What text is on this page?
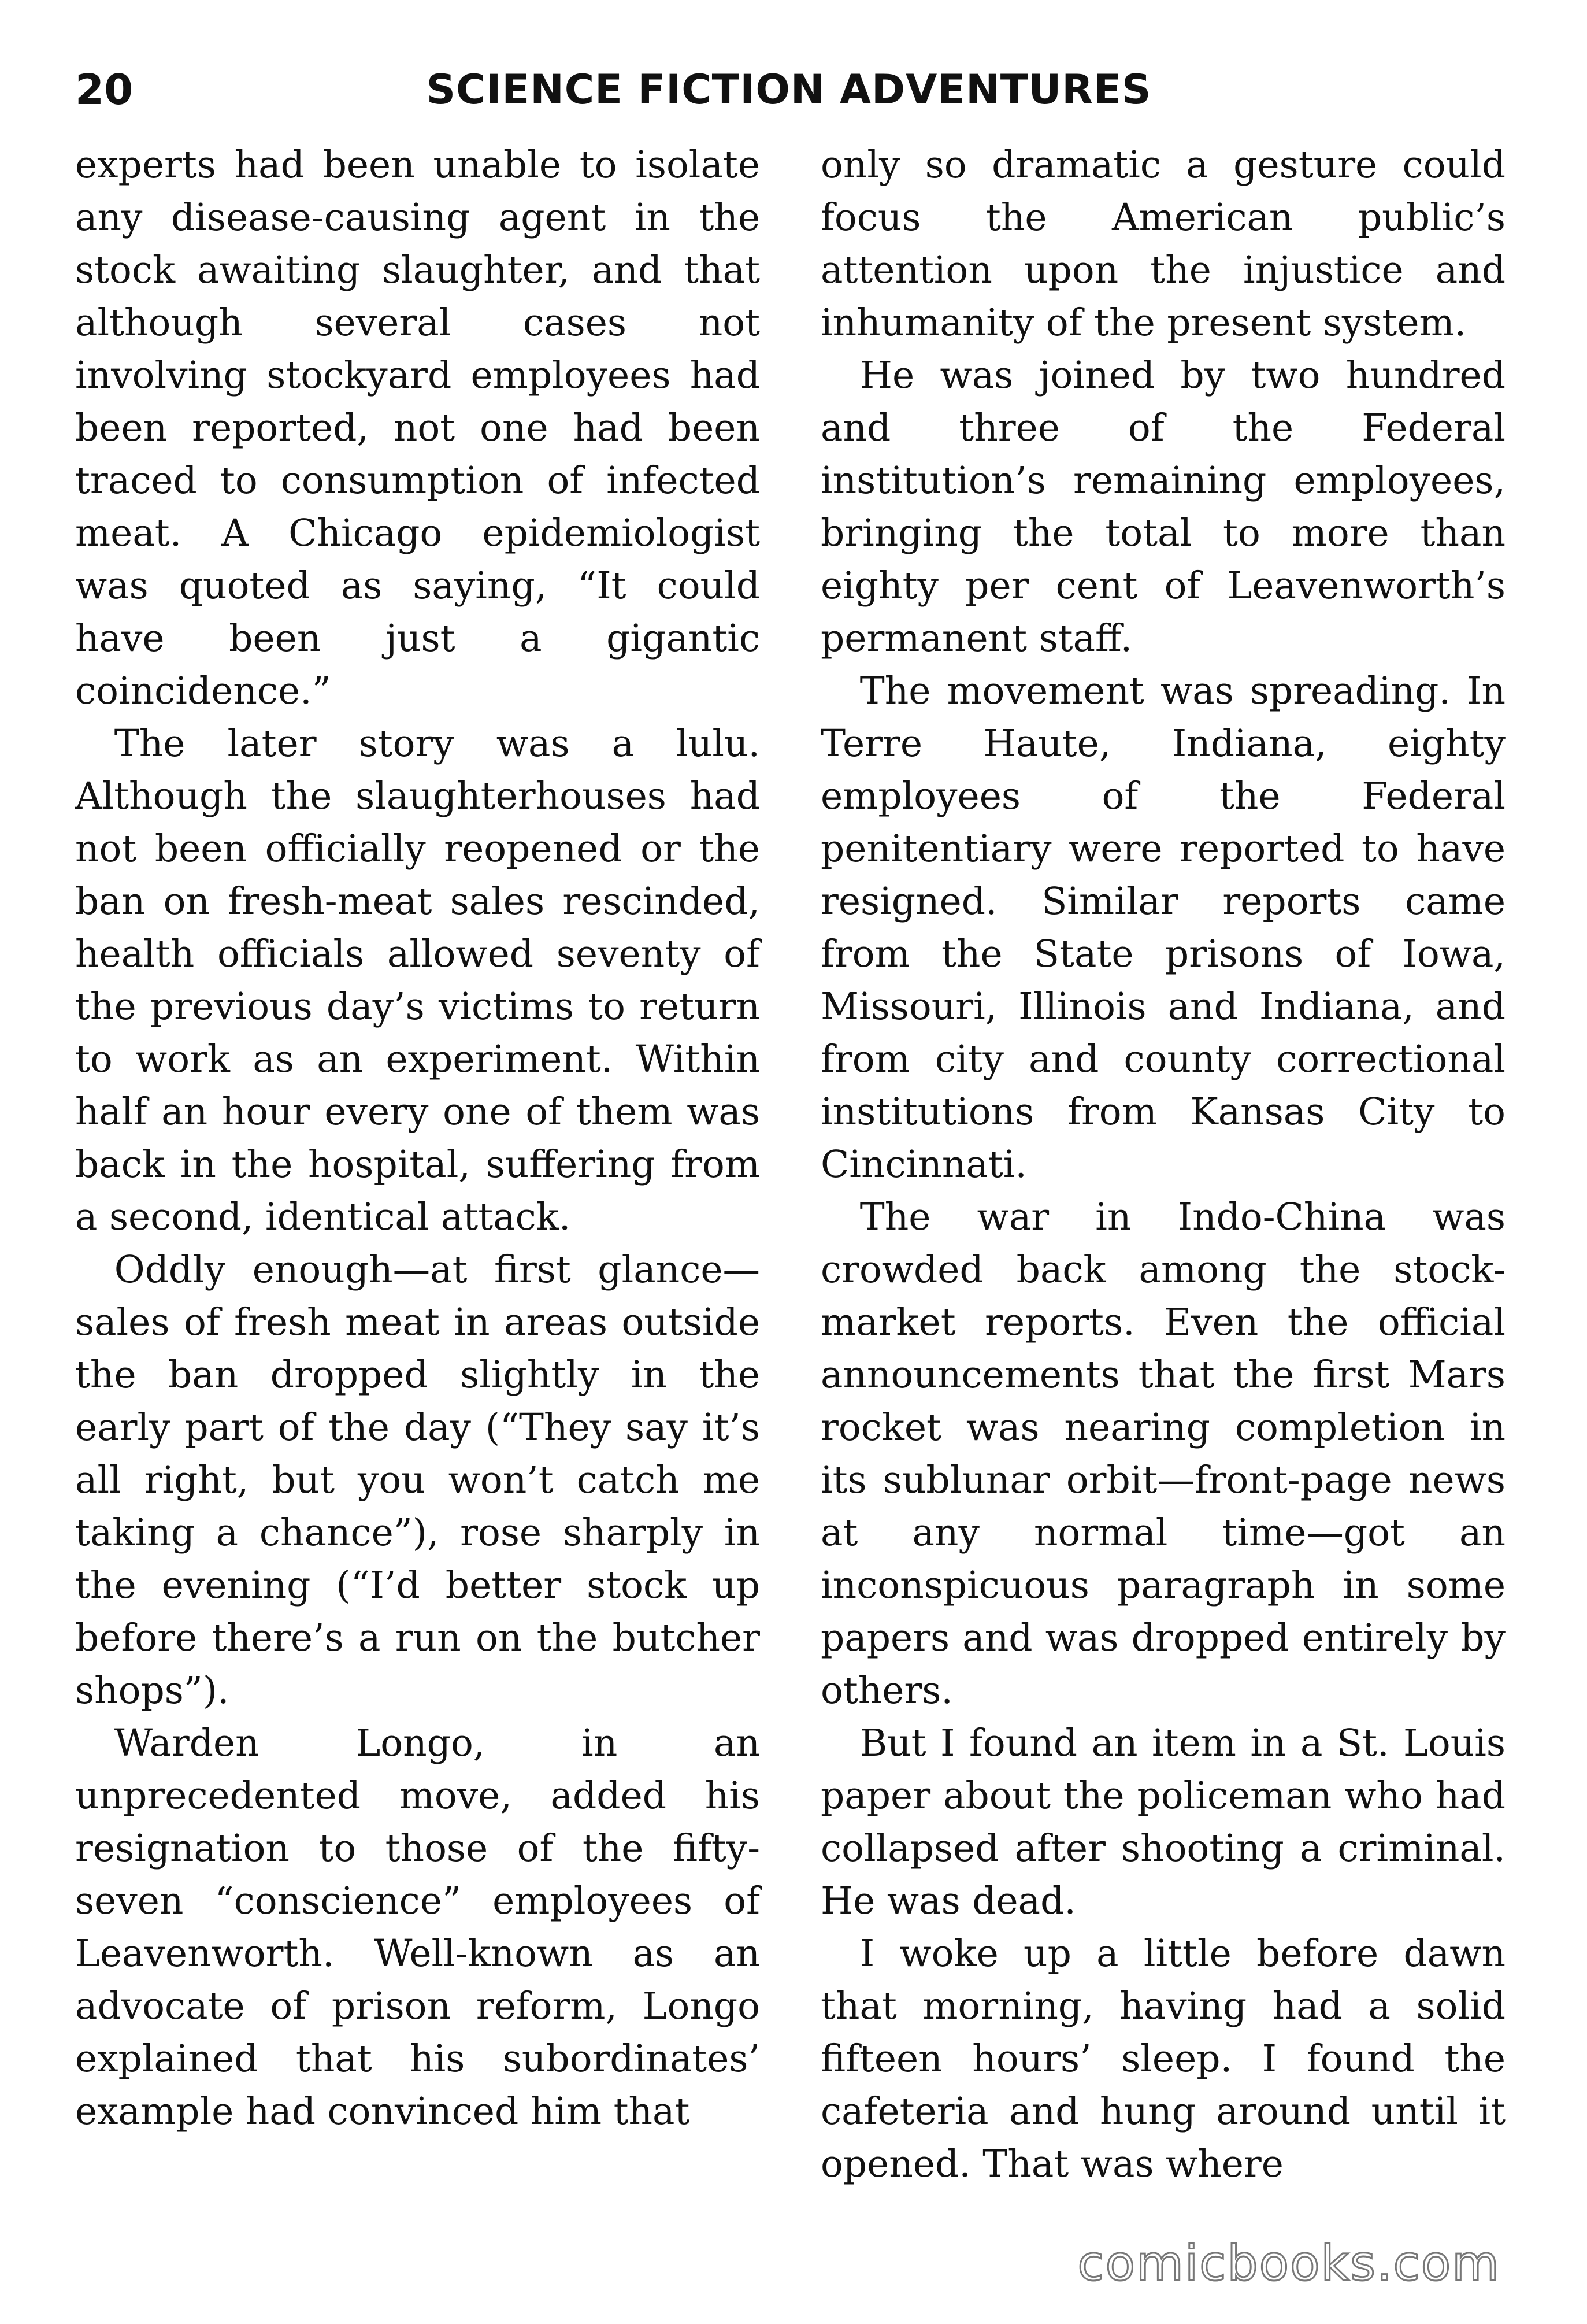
20	SCIENCE FICTION ADVENTURES

experts had been unable to isolate any disease-causing agent in the stock awaiting slaughter, and that although several cases not involving stockyard employees had been reported, not one had been traced to consumption of infected meat. A Chicago epidemiologist was quoted as saying, “It could have been just a gigantic coincidence.”

The later story was a lulu. Although the slaughterhouses had not been officially reopened or the ban on fresh-meat sales rescinded, health officials allowed seventy of the previous day’s victims to return to work as an experiment. Within half an hour every one of them was back in the hospital, suffering from a second, identical attack.

Oddly enough—at first glance—sales of fresh meat in areas outside the ban dropped slightly in the early part of the day (“They say it’s all right, but you won’t catch me taking a chance”), rose sharply in the evening (“I’d better stock up before there’s a run on the butcher shops”).

Warden Longo, in an unprecedented move, added his resignation to those of the fifty-seven “conscience” employees of Leavenworth. Well-known as an advocate of prison reform, Longo explained that his subordinates’ example had convinced him that

only so dramatic a gesture could focus the American public’s attention upon the injustice and inhumanity of the present system.

He was joined by two hundred and three of the Federal institution’s remaining employees, bringing the total to more than eighty per cent of Leavenworth’s permanent staff.

The movement was spreading. In Terre Haute, Indiana, eighty employees of the Federal penitentiary were reported to have resigned. Similar reports came from the State prisons of Iowa, Missouri, Illinois and Indiana, and from city and county correctional institutions from Kansas City to Cincinnati.

The war in Indo-China was crowded back among the stock-market reports. Even the official announcements that the first Mars rocket was nearing completion in its sublunar orbit—front-page news at any normal time—got an inconspicuous paragraph in some papers and was dropped entirely by others.

But I found an item in a St. Louis paper about the policeman who had collapsed after shooting a criminal. He was dead.

I woke up a little before dawn that morning, having had a solid fifteen hours’ sleep. I found the cafeteria and hung around until it opened. That was where

comicbooks.com
